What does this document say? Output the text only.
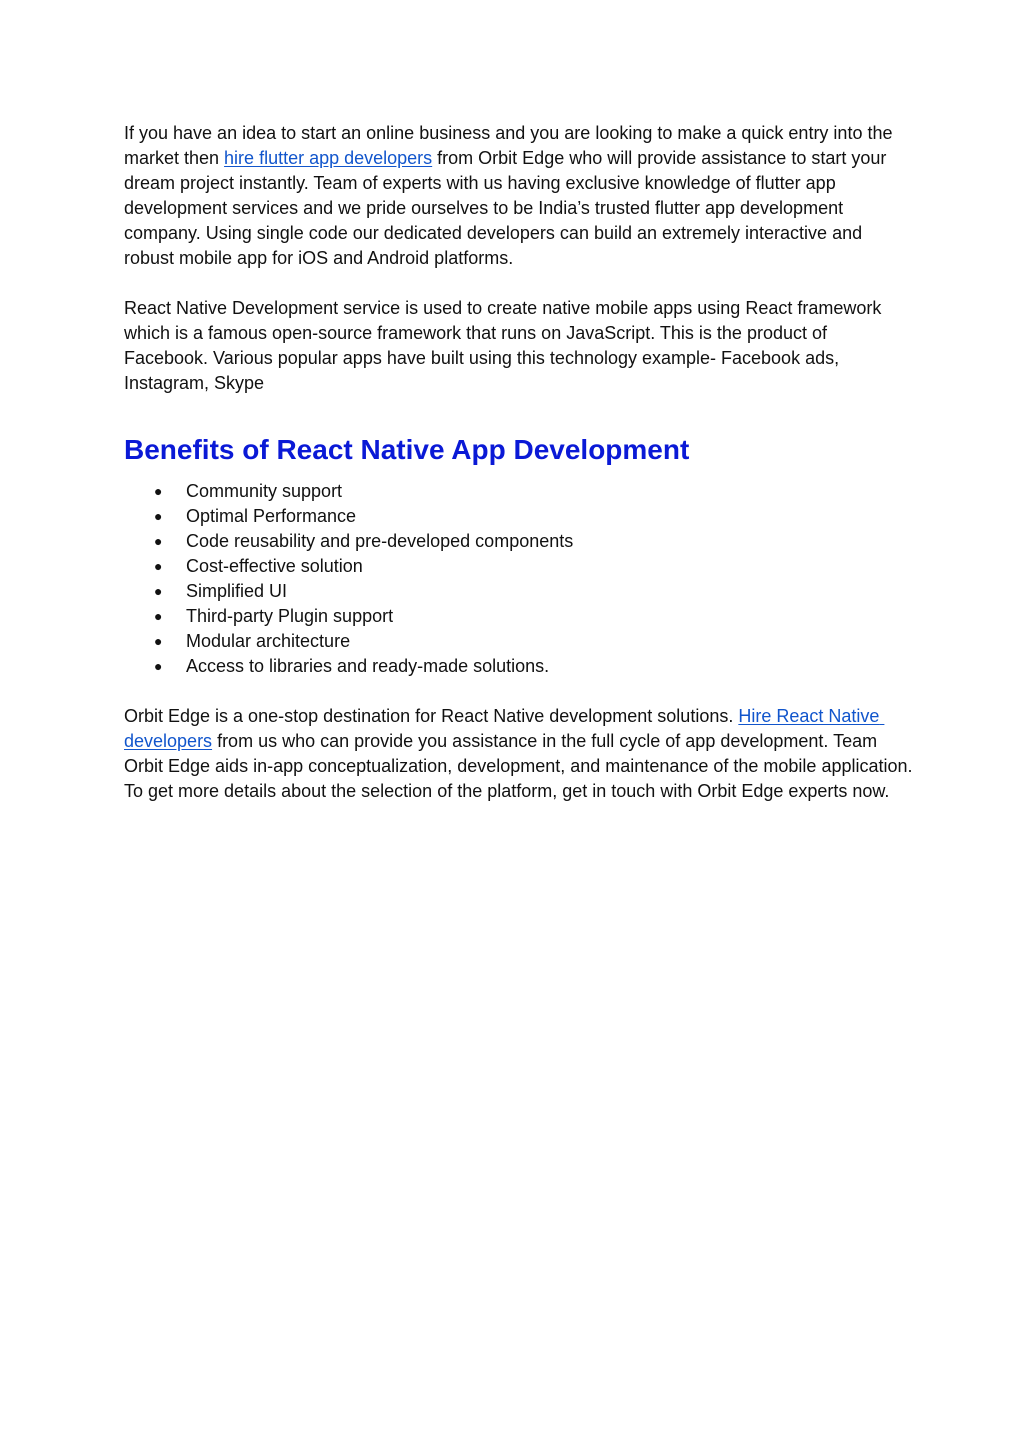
If you have an idea to start an online business and you are looking to make a quick entry into the market then hire flutter app developers from Orbit Edge who will provide assistance to start your dream project instantly. Team of experts with us having exclusive knowledge of flutter app development services and we pride ourselves to be India’s trusted flutter app development company. Using single code our dedicated developers can build an extremely interactive and robust mobile app for iOS and Android platforms.

React Native Development service is used to create native mobile apps using React framework which is a famous open-source framework that runs on JavaScript. This is the product of Facebook. Various popular apps have built using this technology example- Facebook ads, Instagram, Skype

Benefits of React Native App Development
● Community support
● Optimal Performance
● Code reusability and pre-developed components
● Cost-effective solution
● Simplified UI
● Third-party Plugin support
● Modular architecture
● Access to libraries and ready-made solutions.

Orbit Edge is a one-stop destination for React Native development solutions. Hire React Native developers from us who can provide you assistance in the full cycle of app development. Team Orbit Edge aids in-app conceptualization, development, and maintenance of the mobile application. To get more details about the selection of the platform, get in touch with Orbit Edge experts now.
